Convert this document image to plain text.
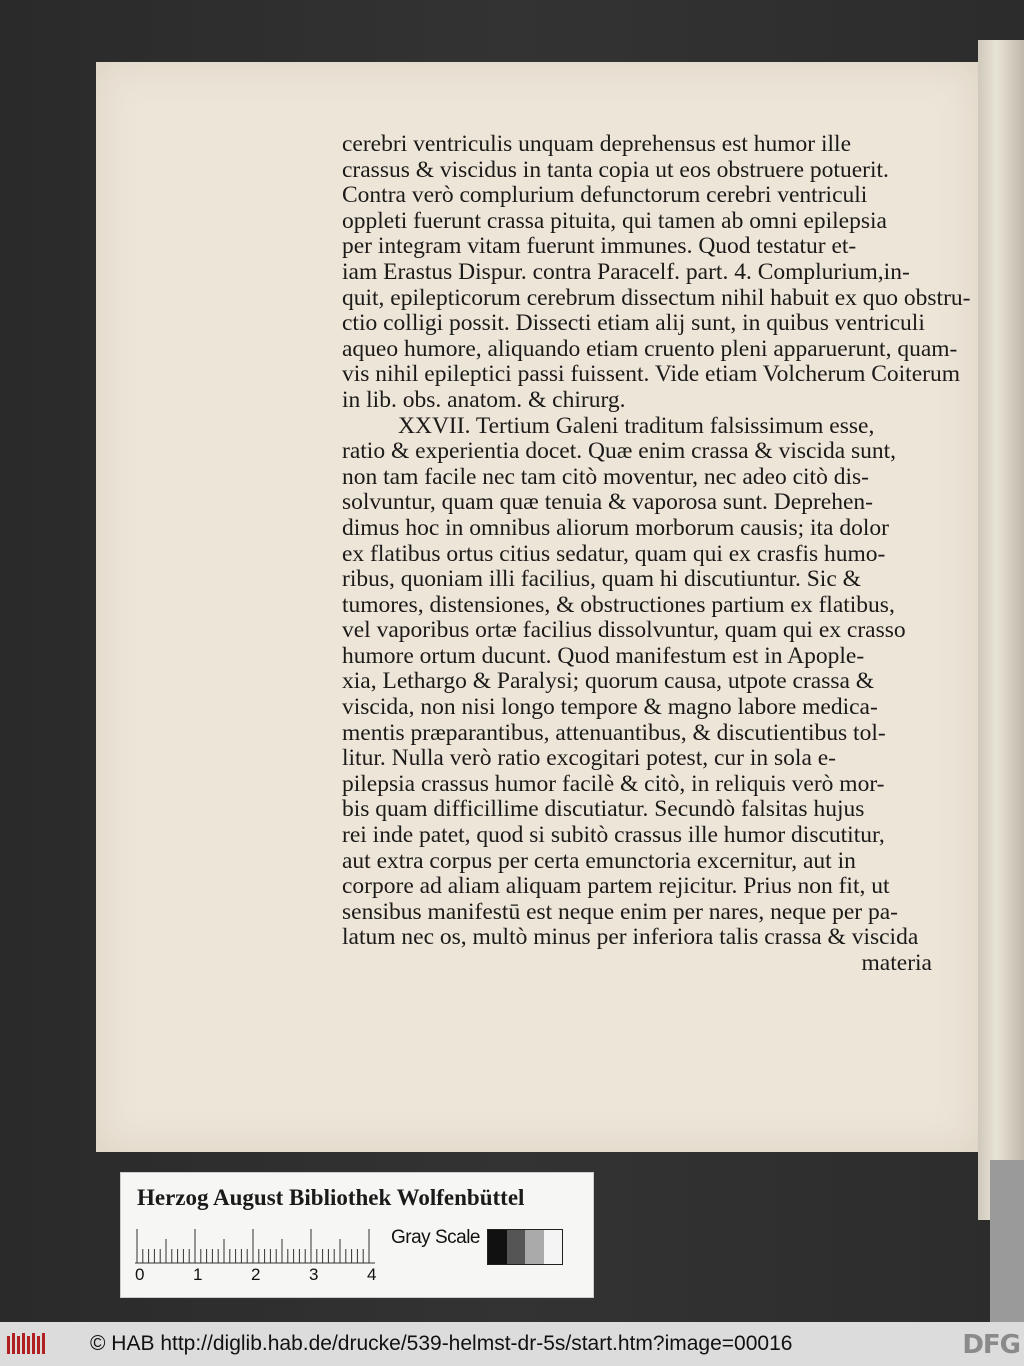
cerebri ventriculis unquam deprehensus est humor ille
crassus & viscidus in tanta copia ut eos obstruere potuerit.
Contra verò complurium defunctorum cerebri ventriculi
oppleti fuerunt crassa pituita, qui tamen ab omni epilepsia
per integram vitam fuerunt immunes. Quod testatur et-
iam Erastus Dispur. contra Paracelf. part. 4. Complurium,in-
quit, epilepticorum cerebrum dissectum nihil habuit ex quo obstru-
ctio colligi possit. Dissecti etiam alij sunt, in quibus ventriculi
aqueo humore, aliquando etiam cruento pleni apparuerunt, quam-
vis nihil epileptici passi fuissent. Vide etiam Volcherum Coiterum
in lib. obs. anatom. & chirurg.
XXVII. Tertium Galeni traditum falsissimum esse,
ratio & experientia docet. Quæ enim crassa & viscida sunt,
non tam facile nec tam citò moventur, nec adeo citò dis-
solvuntur, quam quæ tenuia & vaporosa sunt. Deprehen-
dimus hoc in omnibus aliorum morborum causis; ita dolor
ex flatibus ortus citius sedatur, quam qui ex crasfis humo-
ribus, quoniam illi facilius, quam hi discutiuntur. Sic &
tumores, distensiones, & obstructiones partium ex flatibus,
vel vaporibus ortæ facilius dissolvuntur, quam qui ex crasso
humore ortum ducunt. Quod manifestum est in Apople-
xia, Lethargo & Paralysi; quorum causa, utpote crassa &
viscida, non nisi longo tempore & magno labore medica-
mentis præparantibus, attenuantibus, & discutientibus tol-
litur. Nulla verò ratio excogitari potest, cur in sola e-
pilepsia crassus humor facilè & citò, in reliquis verò mor-
bis quam difficillime discutiatur. Secundò falsitas hujus
rei inde patet, quod si subitò crassus ille humor discutitur,
aut extra corpus per certa emunctoria excernitur, aut in
corpore ad aliam aliquam partem rejicitur. Prius non fit, ut
sensibus manifestū est neque enim per nares, neque per pa-
latum nec os, multò minus per inferiora talis crassa & viscida
materia
Herzog August Bibliothek Wolfenbüttel
0	1	2	3	4
Gray Scale
© HAB http://diglib.hab.de/drucke/539-helmst-dr-5s/start.htm?image=00016	DFG
